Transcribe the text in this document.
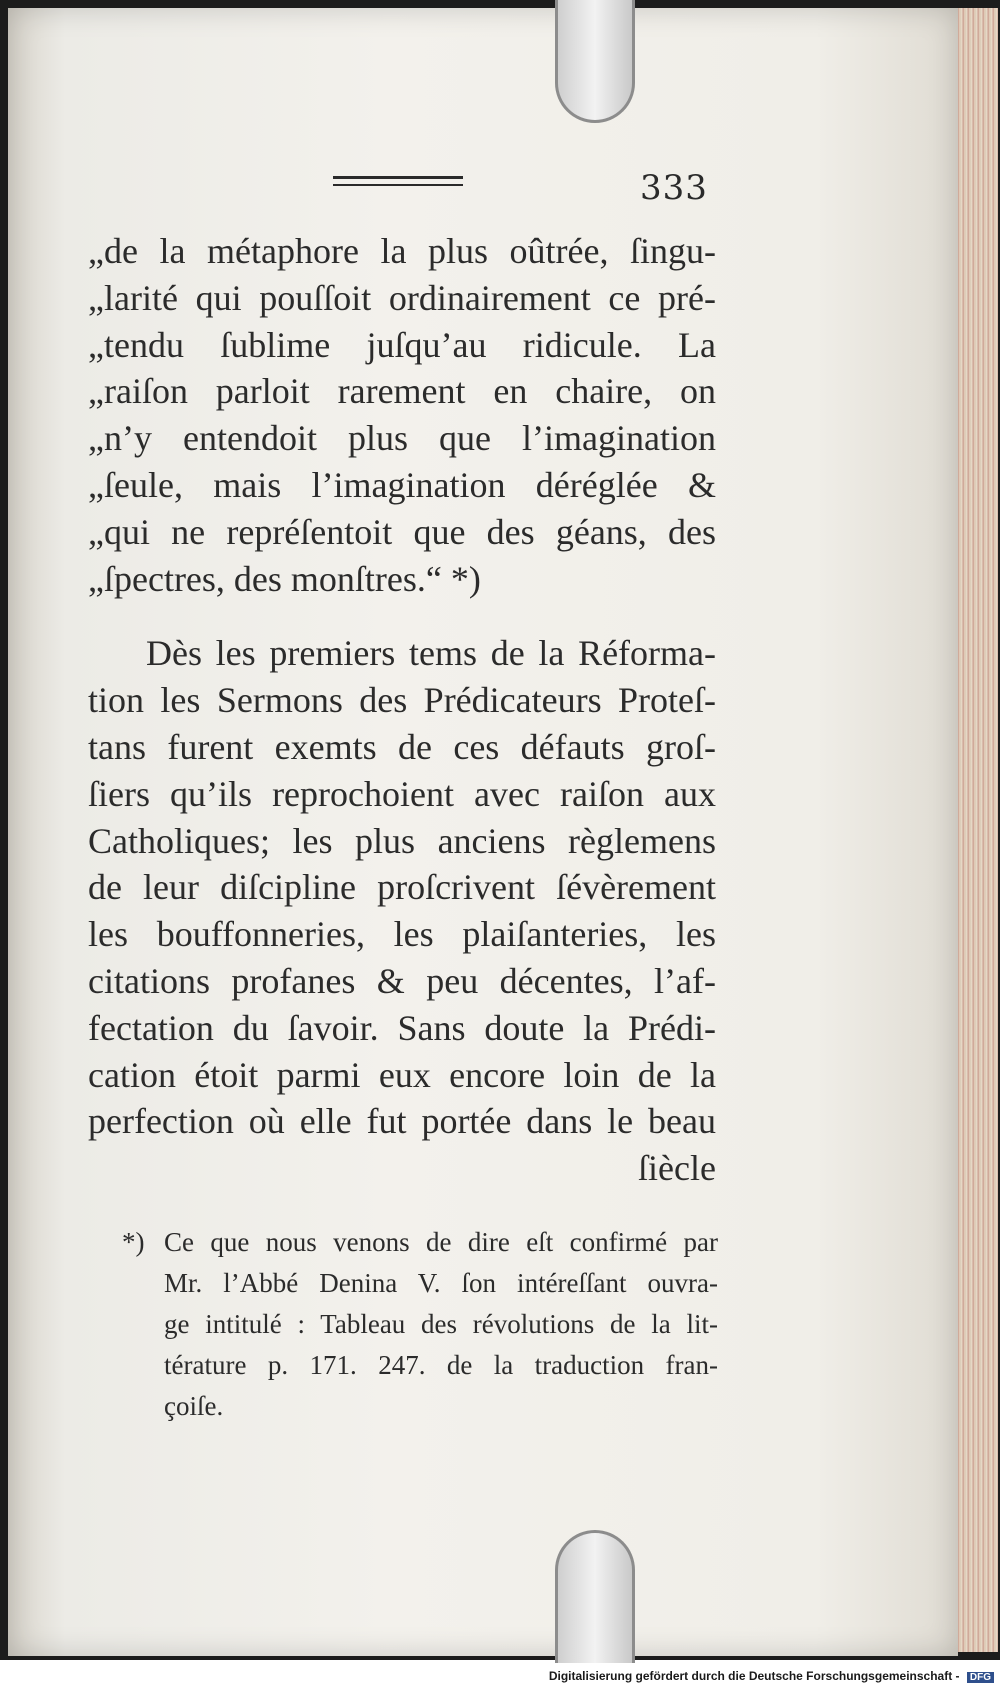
333
„de la métaphore la plus oûtrée, ſingu-
„larité qui pouſſoit ordinairement ce pré-
„tendu ſublime juſqu’au ridicule. La
„raiſon parloit rarement en chaire, on
„n’y entendoit plus que l’imagination
„ſeule, mais l’imagination déréglée &
„qui ne repréſentoit que des géans, des
„ſpectres, des monſtres.“ *)
Dès les premiers tems de la Réforma-
tion les Sermons des Prédicateurs Proteſ-
tans furent exemts de ces défauts groſ-
ſiers qu’ils reprochoient avec raiſon aux
Catholiques; les plus anciens règlemens
de leur diſcipline proſcrivent ſévèrement
les bouffonneries, les plaiſanteries, les
citations profanes & peu décentes, l’af-
fectation du ſavoir. Sans doute la Prédi-
cation étoit parmi eux encore loin de la
perfection où elle fut portée dans le beau
ſiècle
*) Ce que nous venons de dire eſt confirmé par
Mr. l’Abbé Denina V. ſon intéreſſant ouvra-
ge intitulé : Tableau des révolutions de la lit-
térature p. 171. 247. de la traduction fran-
çoiſe.
Digitalisierung gefördert durch die Deutsche Forschungsgemeinschaft - DFG
